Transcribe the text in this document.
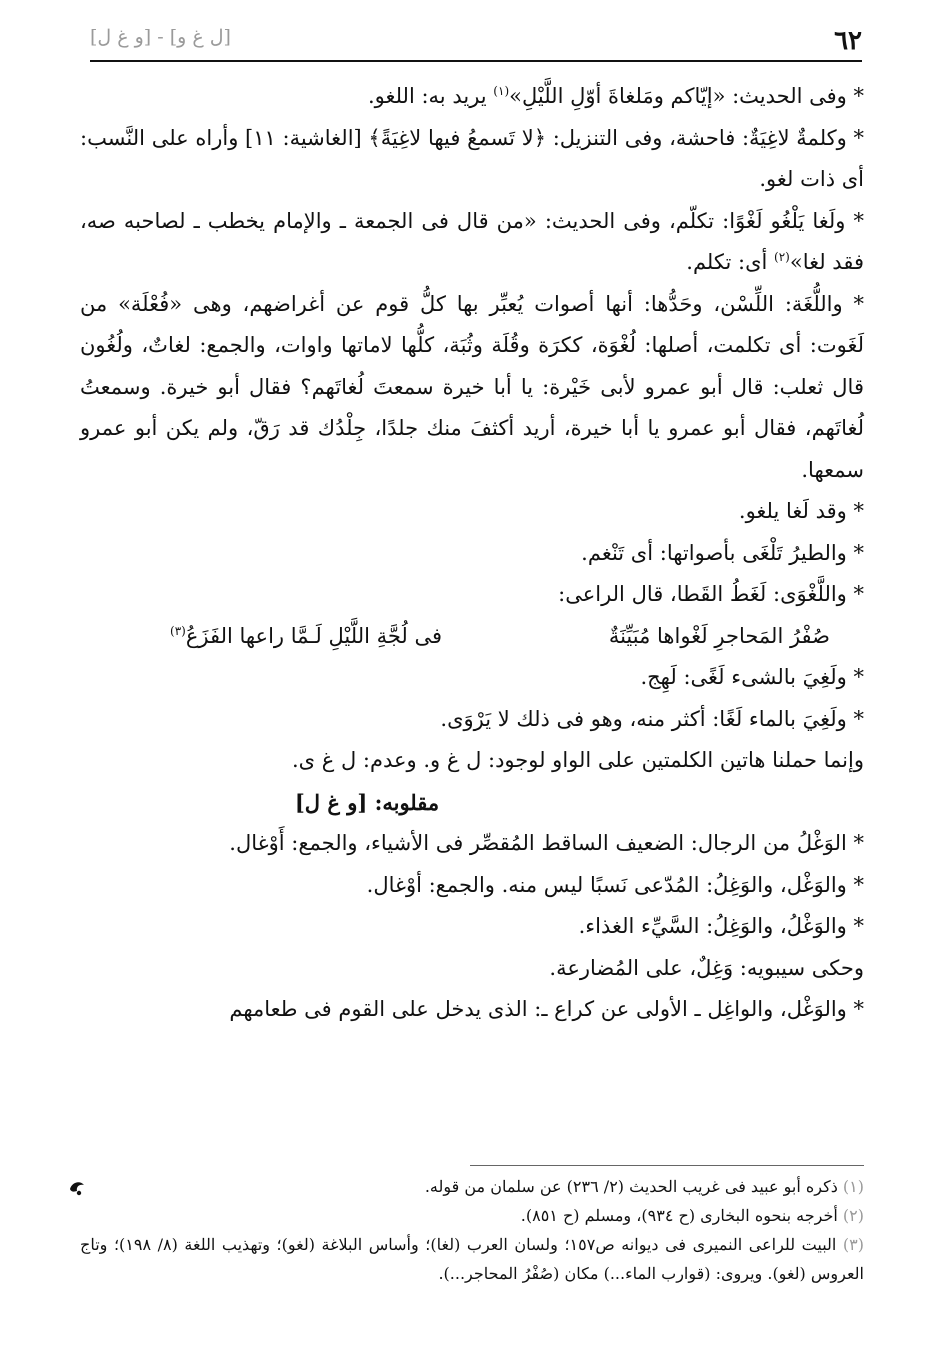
٦٢
[ل غ و] - [و غ ل]

* وفى الحديث: «إيّاكم ومَلغاةَ أوّلِ اللَّيْلِ»$^{(١)}$ يريد به: اللغو.

* وكلمةٌ لاغِيَةٌ: فاحشة، وفى التنزيل: ﴿لا تَسمعُ فيها لاغِيَةً﴾ [الغاشية: ١١] وأراه على النَّسب: أى ذات لغو.

* ولَغا يَلْغُو لَغْوًا: تكلّم، وفى الحديث: «من قال فى الجمعة ـ والإمام يخطب ـ لصاحبه صه، فقد لغا»$^{(٢)}$ أى: تكلم.

* واللُّغَة: اللِّسْن، وحَدُّها: أنها أصوات يُعبِّر بها كلُّ قوم عن أغراضهم، وهى «فُعْلَة» من لَغَوت: أى تكلمت، أصلها: لُغْوَة، ككرَة وقُلَة وثُبَة، كلُّها لاماتها واوات، والجمع: لغاتٌ، ولُغُون قال ثعلب: قال أبو عمرو لأبى خَيْرة: يا أبا خيرة سمعتَ لُغاتَهم؟ فقال أبو خيرة. وسمعتُ لُغاتَهم، فقال أبو عمرو يا أبا خيرة، أريد أكثفَ منك جلدًا، جِلْدُك قد رَقّ، ولم يكن أبو عمرو سمعها.

* وقد لَغا يلغو.

* والطيرُ تَلْغَى بأصواتها: أى تَنْغم.

* واللَّغْوَى: لَغَطُ القَطا، قال الراعى:

صُفْرُ المَحاجرِ لَغْواها مُبَيِّنَةٌ
فى لُجَّةِ اللَّيْلِ لَـمَّا راعها الفَزَعُ$^{(٣)}$

* ولَغِيَ بالشىء لَغًى: لَهِج.

* ولَغِيَ بالماء لَغًا: أكثر منه، وهو فى ذلك لا يَرْوَى.

وإنما حملنا هاتين الكلمتين على الواو لوجود: ل غ و. وعدم: ل غ ى.

مقلوبه: [و غ ل]

* الوَغْلُ من الرجال: الضعيف الساقط المُقصِّر فى الأشياء، والجمع: أَوْغال.

* والوَغْل، والوَغِلُ: المُدّعى نَسبًا ليس منه. والجمع: أوْغال.

* والوَغْلُ، والوَغِلُ: السَّيِّء الغذاء.

وحكى سيبويه: وَغِلٌ، على المُضارعة.

* والوَغْل، والواغِل ـ الأولى عن كراع ـ: الذى يدخل على القوم فى طعامهم

(١) ذكره أبو عبيد فى غريب الحديث (٢/ ٢٣٦) عن سلمان من قوله.

(٢) أخرجه بنحوه البخارى (ح ٩٣٤)، ومسلم (ح ٨٥١).

(٣) البيت للراعى النميرى فى ديوانه ص١٥٧؛ ولسان العرب (لغا)؛ وأساس البلاغة (لغو)؛ وتهذيب اللغة (٨/ ١٩٨)؛ وتاج العروس (لغو). ويروى: (قوارب الماء...) مكان (صُفْرُ المحاجر...).
